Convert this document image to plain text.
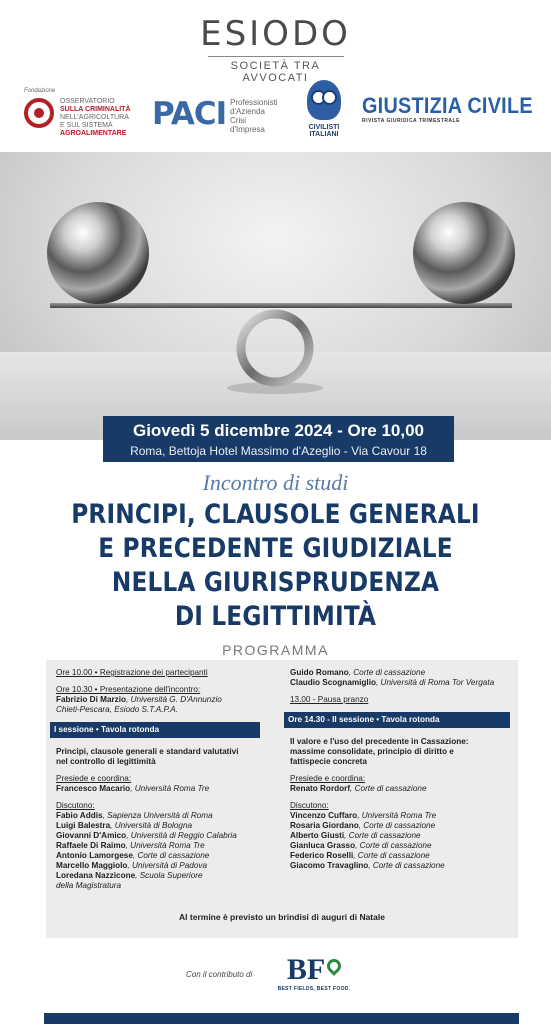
ESIODO
SOCIETÀ TRA AVVOCATI
Fondazione
OSSERVATORIO
SULLA CRIMINALITÀ
NELL'AGRICOLTURA
E SUL SISTEMA
AGROALIMENTARE
PACI Professionisti
d'Azienda
Crisi
d'Impresa	CIVILISTI ITALIANI
GIUSTIZIA CIVILE
RIVISTA GIURIDICA TRIMESTRALE
Giovedì 5 dicembre 2024 - Ore 10,00
Roma, Bettoja Hotel Massimo d'Azeglio - Via Cavour 18
Incontro di studi
PRINCIPI, CLAUSOLE GENERALI
E PRECEDENTE GIUDIZIALE
NELLA GIURISPRUDENZA
DI LEGITTIMITÀ
PROGRAMMA
Ore 10.00 • Registrazione dei partecipanti
Ore 10.30 • Presentazione dell'incontro:
Fabrizio Di Marzio, Università G. D'Annunzio
Chieti-Pescara, Esiodo S.T.A.P.A.
I sessione • Tavola rotonda
Principi, clausole generali e standard valutativi
nel controllo di legittimità
Presiede e coordina:
Francesco Macario, Università Roma Tre
Discutono:
Fabio Addis, Sapienza Università di Roma
Luigi Balestra, Università di Bologna
Giovanni D'Amico, Università di Reggio Calabria
Raffaele Di Raimo, Università Roma Tre
Antonio Lamorgese, Corte di cassazione
Marcello Maggiolo, Università di Padova
Loredana Nazzicone, Scuola Superiore
della Magistratura
Guido Romano, Corte di cassazione
Claudio Scognamiglio, Università di Roma Tor Vergata
13.00 - Pausa pranzo
Ore 14.30 - II sessione • Tavola rotonda
Il valore e l'uso del precedente in Cassazione:
massime consolidate, principio di diritto e
fattispecie concreta
Presiede e coordina:
Renato Rordorf, Corte di cassazione
Discutono:
Vincenzo Cuffaro, Università Roma Tre
Rosaria Giordano, Corte di cassazione
Alberto Giusti, Corte di cassazione
Gianluca Grasso, Corte di cassazione
Federico Roselli, Corte di cassazione
Giacomo Travaglino, Corte di cassazione
Al termine è previsto un brindisi di auguri di Natale
Con il contributo di	BF
BEST FIELDS, BEST FOOD.
